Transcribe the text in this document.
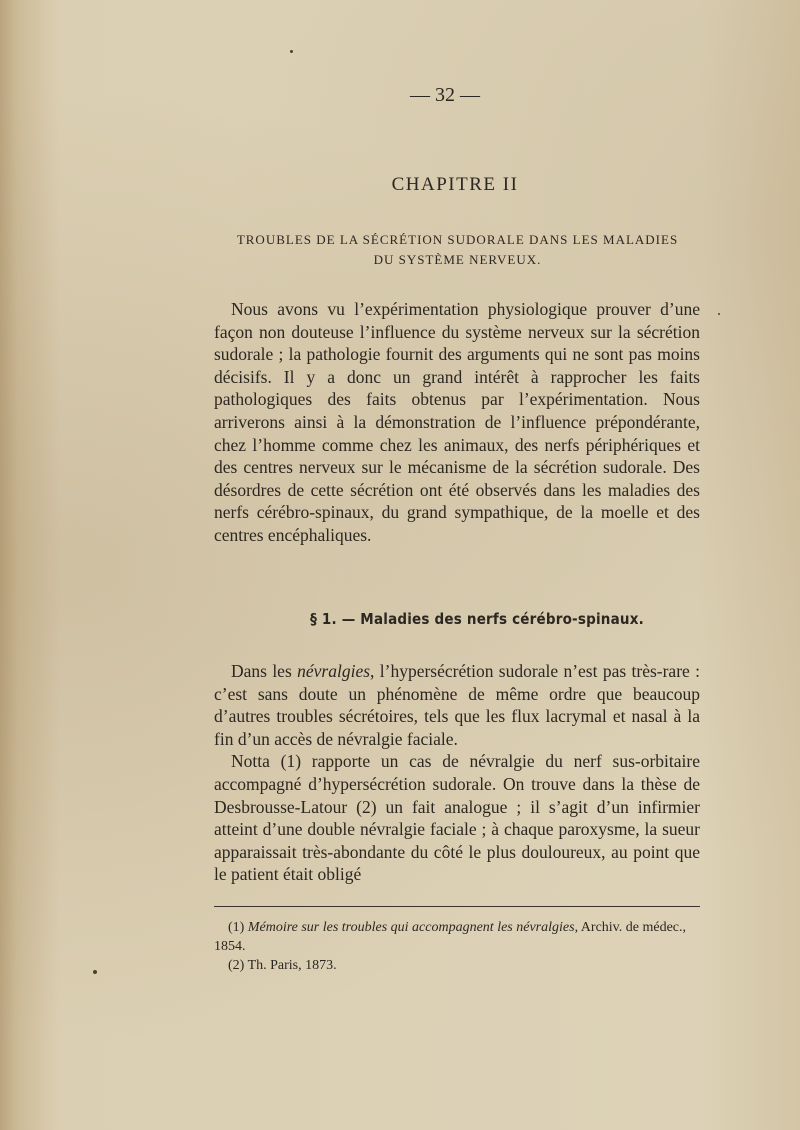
— 32 —
CHAPITRE II
TROUBLES DE LA SÉCRÉTION SUDORALE DANS LES MALADIES
DU SYSTÈME NERVEUX.

Nous avons vu l’expérimentation physiologique prouver d’une façon non douteuse l’influence du système nerveux sur la sécrétion sudorale ; la pathologie fournit des arguments qui ne sont pas moins décisifs. Il y a donc un grand intérêt à rapprocher les faits pathologiques des faits obtenus par l’expérimentation. Nous arriverons ainsi à la démonstration de l’influence prépondérante, chez l’homme comme chez les animaux, des nerfs périphériques et des centres nerveux sur le mécanisme de la sécrétion sudorale. Des désordres de cette sécrétion ont été observés dans les maladies des nerfs cérébro-spinaux, du grand sympathique, de la moelle et des centres encéphaliques.

§ 1. — Maladies des nerfs cérébro-spinaux.

Dans les névralgies, l’hypersécrétion sudorale n’est pas très-rare : c’est sans doute un phénomène de même ordre que beaucoup d’autres troubles sécrétoires, tels que les flux lacrymal et nasal à la fin d’un accès de névralgie faciale.

Notta (1) rapporte un cas de névralgie du nerf sus-orbitaire accompagné d’hypersécrétion sudorale. On trouve dans la thèse de Desbrousse-Latour (2) un fait analogue ; il s’agit d’un infirmier atteint d’une double névralgie faciale ; à chaque paroxysme, la sueur apparaissait très-abondante du côté le plus douloureux, au point que le patient était obligé

(1) Mémoire sur les troubles qui accompagnent les névralgies, Archiv. de médec., 1854.

(2) Th. Paris, 1873.
